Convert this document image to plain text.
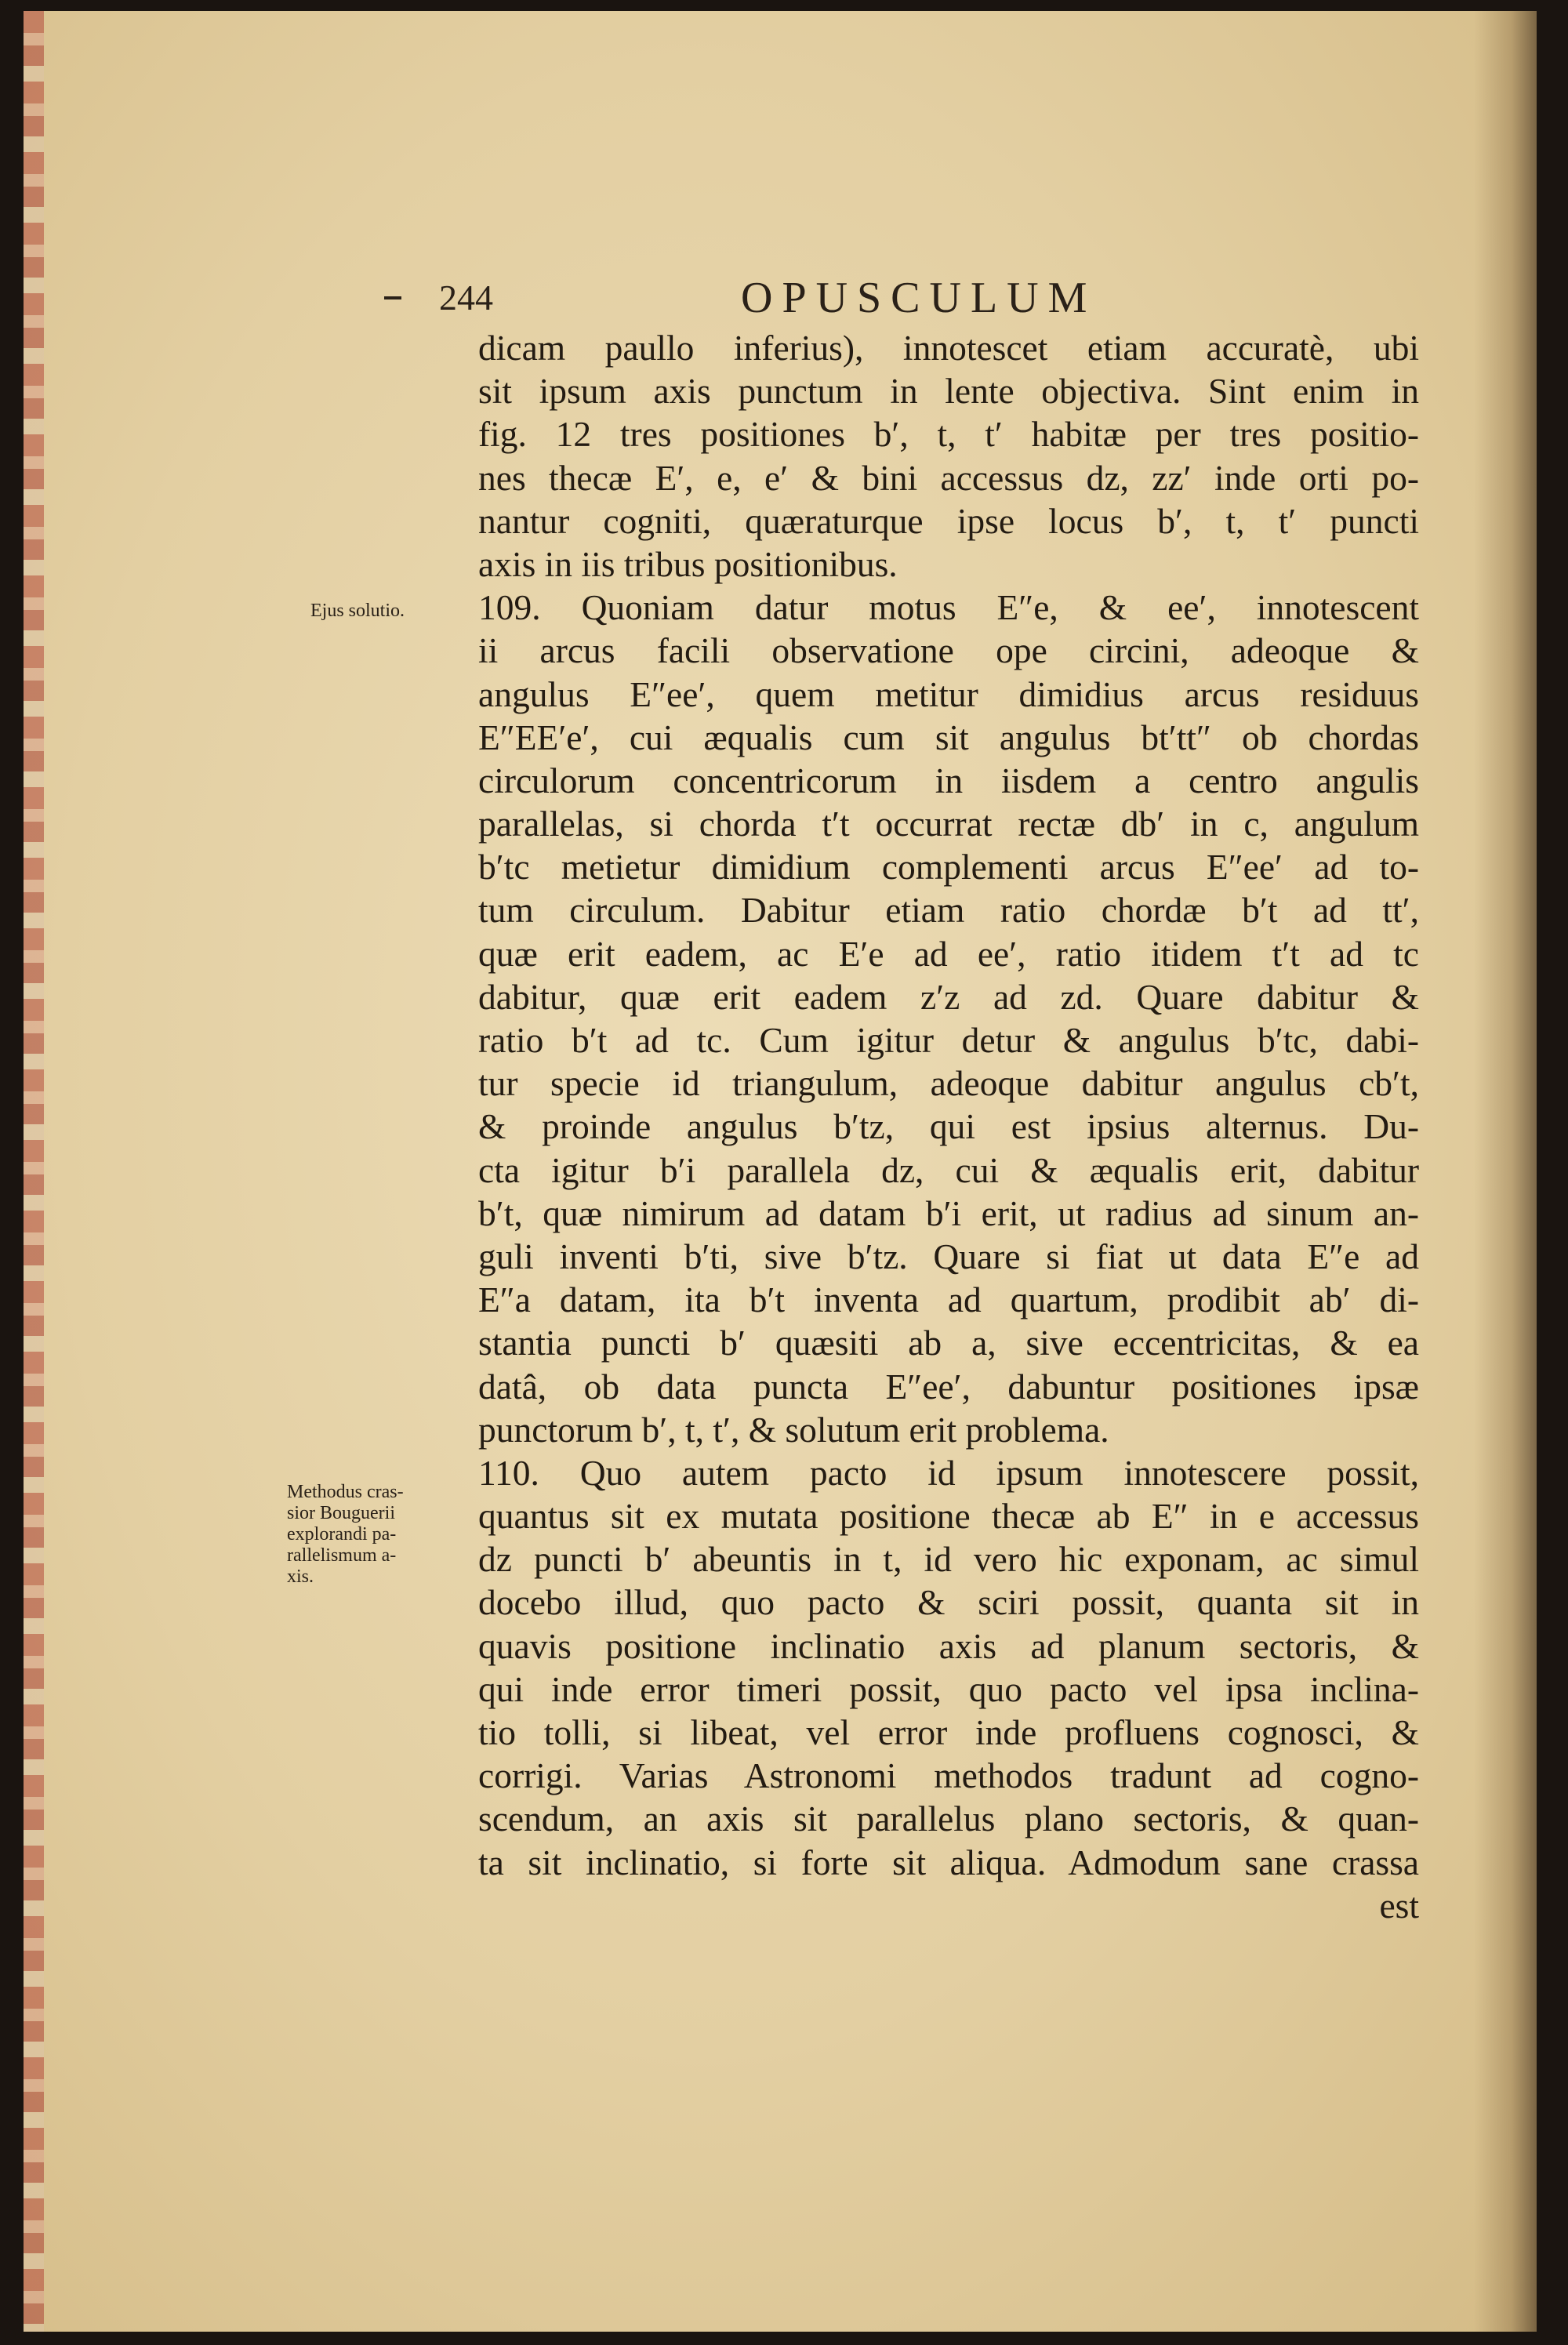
244	OPUSCULUM
Ejus solutio.
Methodus cras-
sior Bouguerii
explorandi pa-
rallelismum a-
xis.
dicam paullo inferius), innotescet etiam accuratè, ubi
sit ipsum axis punctum in lente objectiva. Sint enim in
fig. 12 tres positiones b′, t, t′ habitæ per tres positio-
nes thecæ E′, e, e′ & bini accessus dz, zz′ inde orti po-
nantur cogniti, quæraturque ipse locus b′, t, t′ puncti
axis in iis tribus positionibus.
109. Quoniam datur motus E″e, & ee′, innotescent
ii arcus facili observatione ope circini, adeoque &
angulus E″ee′, quem metitur dimidius arcus residuus
E″EE′e′, cui æqualis cum sit angulus bt′tt″ ob chordas
circulorum concentricorum in iisdem a centro angulis
parallelas, si chorda t′t occurrat rectæ db′ in c, angulum
b′tc metietur dimidium complementi arcus E″ee′ ad to-
tum circulum. Dabitur etiam ratio chordæ b′t ad tt′,
quæ erit eadem, ac E′e ad ee′, ratio itidem t′t ad tc
dabitur, quæ erit eadem z′z ad zd. Quare dabitur &
ratio b′t ad tc. Cum igitur detur & angulus b′tc, dabi-
tur specie id triangulum, adeoque dabitur angulus cb′t,
& proinde angulus b′tz, qui est ipsius alternus. Du-
cta igitur b′i parallela dz, cui & æqualis erit, dabitur
b′t, quæ nimirum ad datam b′i erit, ut radius ad sinum an-
guli inventi b′ti, sive b′tz. Quare si fiat ut data E″e ad
E″a datam, ita b′t inventa ad quartum, prodibit ab′ di-
stantia puncti b′ quæsiti ab a, sive eccentricitas, & ea
datâ, ob data puncta E″ee′, dabuntur positiones ipsæ
punctorum b′, t, t′, & solutum erit problema.
110. Quo autem pacto id ipsum innotescere possit,
quantus sit ex mutata positione thecæ ab E″ in e accessus
dz puncti b′ abeuntis in t, id vero hic exponam, ac simul
docebo illud, quo pacto & sciri possit, quanta sit in
quavis positione inclinatio axis ad planum sectoris, &
qui inde error timeri possit, quo pacto vel ipsa inclina-
tio tolli, si libeat, vel error inde profluens cognosci, &
corrigi. Varias Astronomi methodos tradunt ad cogno-
scendum, an axis sit parallelus plano sectoris, & quan-
ta sit inclinatio, si forte sit aliqua. Admodum sane crassa
est
